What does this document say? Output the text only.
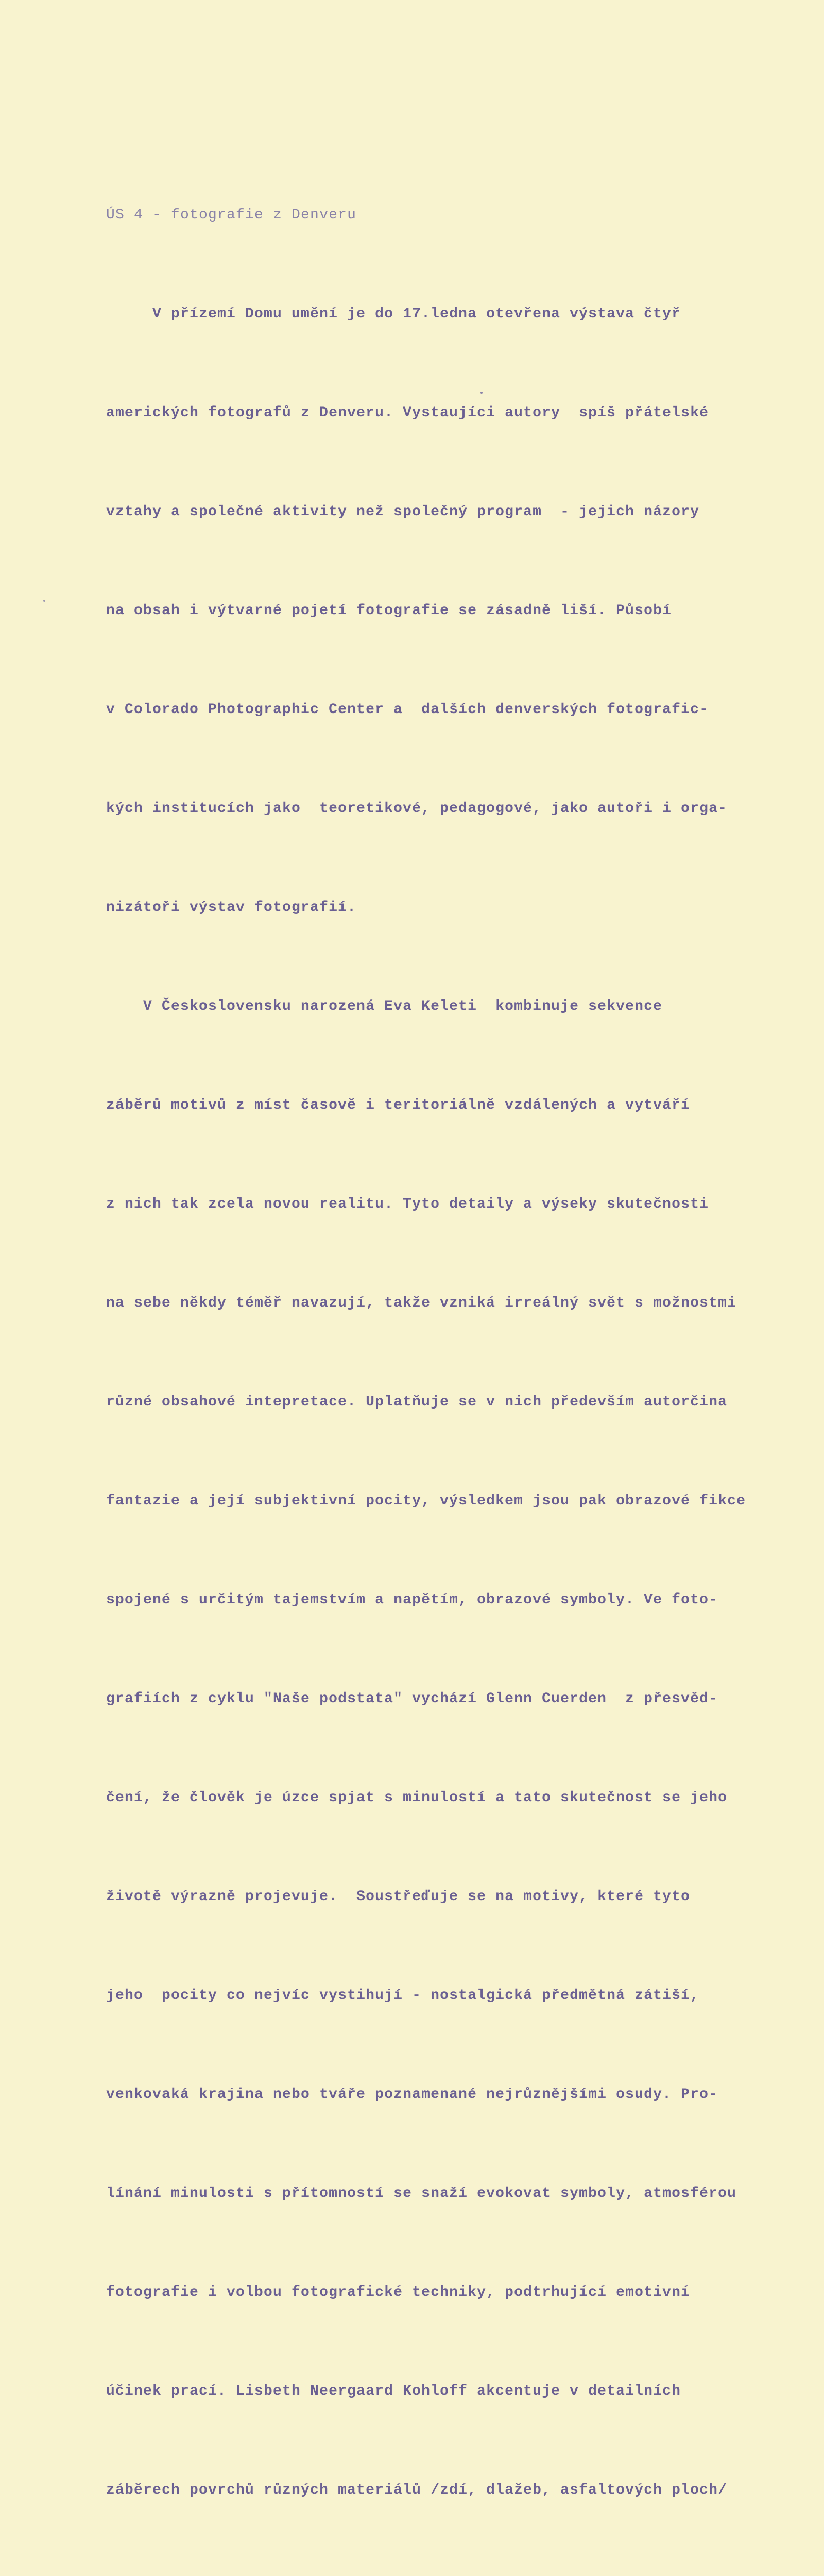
ÚS 4 - fotografie z Denveru

V přízemí Domu umění je do 17.ledna otevřena výstava čtyř

amerických fotografů z Denveru. Vystaujíci autory  spíš přátelské

vztahy a společné aktivity než společný program  - jejich názory

na obsah i výtvarné pojetí fotografie se zásadně liší. Působí

v Colorado Photographic Center a  dalších denverských fotografic-

kých institucích jako  teoretikové, pedagogové, jako autoři i orga-

nizátoři výstav fotografií.

V Československu narozená Eva Keleti  kombinuje sekvence

záběrů motivů z míst časově i teritoriálně vzdálených a vytváří

z nich tak zcela novou realitu. Tyto detaily a výseky skutečnosti

na sebe někdy téměř navazují, takže vzniká irreálný svět s možnostmi

různé obsahové intepretace. Uplatňuje se v nich především autorčina

fantazie a její subjektivní pocity, výsledkem jsou pak obrazové fikce

spojené s určitým tajemstvím a napětím, obrazové symboly. Ve foto-

grafiích z cyklu "Naše podstata" vychází Glenn Cuerden  z přesvěd-

čení, že člověk je úzce spjat s minulostí a tato skutečnost se jeho

životě výrazně projevuje.  Soustřeďuje se na motivy, které tyto

jeho  pocity co nejvíc vystihují - nostalgická předmětná zátiší,

venkovaká krajina nebo tváře poznamenané nejrůznějšími osudy. Pro-

línání minulosti s přítomností se snaží evokovat symboly, atmosférou

fotografie i volbou fotografické techniky, podtrhující emotivní

účinek prací. Lisbeth Neergaard Kohloff akcentuje v detailních

záběrech povrchů různých materiálů /zdí, dlažeb, asfaltových ploch/
